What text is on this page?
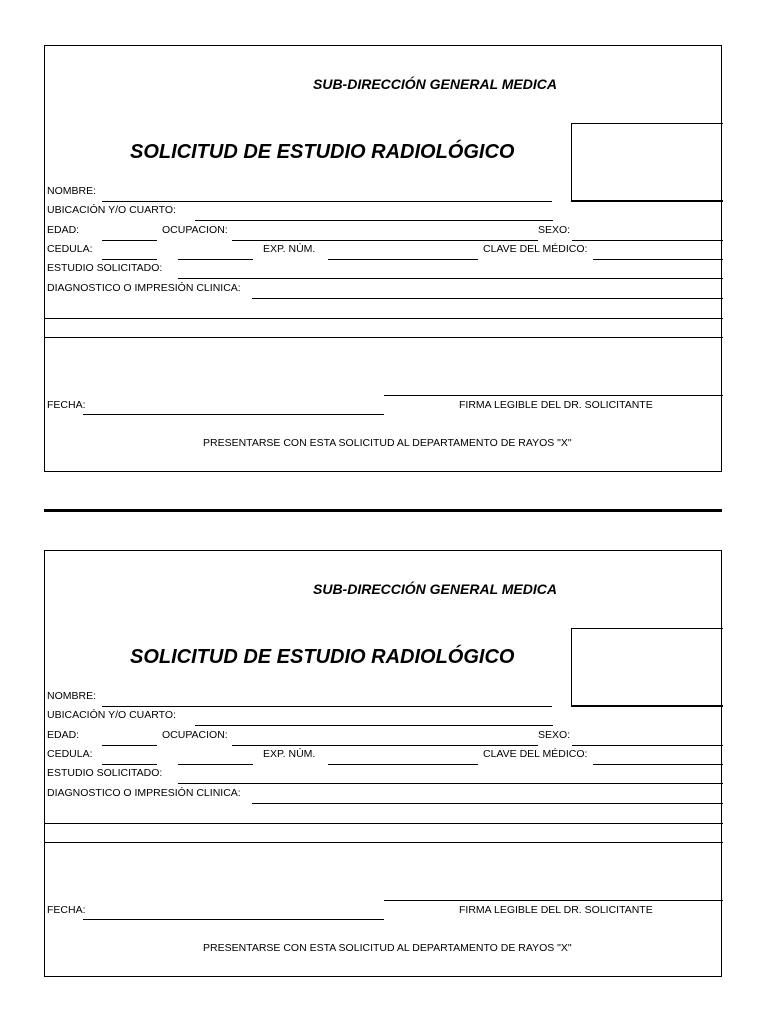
SUB-DIRECCIÓN GENERAL MEDICA
SOLICITUD DE ESTUDIO RADIOLÓGICO
NOMBRE:
UBICACIÓN Y/O CUARTO:
EDAD:	OCUPACION:	SEXO:
CEDULA:	EXP. NÚM.	CLAVE DEL MÉDICO:
ESTUDIO SOLICITADO:
DIAGNOSTICO O IMPRESIÓN CLINICA:
FECHA:	FIRMA LEGIBLE DEL DR. SOLICITANTE
PRESENTARSE CON ESTA SOLICITUD AL DEPARTAMENTO DE RAYOS "X"
SUB-DIRECCIÓN GENERAL MEDICA
SOLICITUD DE ESTUDIO RADIOLÓGICO
NOMBRE:
UBICACIÓN Y/O CUARTO:
EDAD:	OCUPACION:	SEXO:
CEDULA:	EXP. NÚM.	CLAVE DEL MÉDICO:
ESTUDIO SOLICITADO:
DIAGNOSTICO O IMPRESIÓN CLINICA:
FECHA:	FIRMA LEGIBLE DEL DR. SOLICITANTE
PRESENTARSE CON ESTA SOLICITUD AL DEPARTAMENTO DE RAYOS "X"
